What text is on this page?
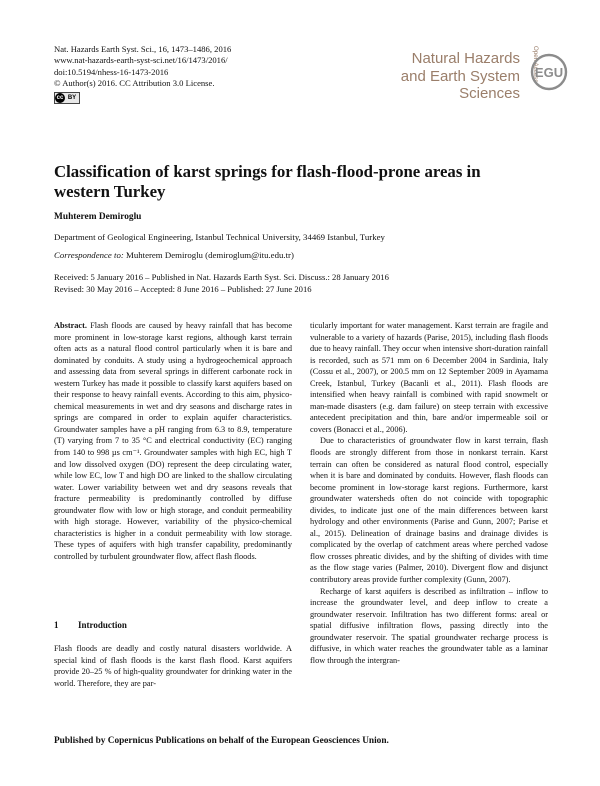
Nat. Hazards Earth Syst. Sci., 16, 1473–1486, 2016
www.nat-hazards-earth-syst-sci.net/16/1473/2016/
doi:10.5194/nhess-16-1473-2016
© Author(s) 2016. CC Attribution 3.0 License.
cc BY
Natural Hazards
and Earth System
Sciences
Open Access
EGU
Classification of karst springs for flash-flood-prone areas in western Turkey
Muhterem Demiroglu
Department of Geological Engineering, Istanbul Technical University, 34469 Istanbul, Turkey
Correspondence to: Muhterem Demiroglu (demiroglum@itu.edu.tr)
Received: 5 January 2016 – Published in Nat. Hazards Earth Syst. Sci. Discuss.: 28 January 2016
Revised: 30 May 2016 – Accepted: 8 June 2016 – Published: 27 June 2016

Abstract. Flash floods are caused by heavy rainfall that has become more prominent in low-storage karst regions, although karst terrain often acts as a natural flood control particularly when it is bare and dominated by conduits. A study using a hydrogeochemical approach and assessing data from several springs in different carbonate rock in western Turkey has made it possible to classify karst aquifers based on their response to heavy rainfall events. According to this aim, physico-chemical measurements in wet and dry seasons and discharge rates in springs are compared in order to explain aquifer characteristics. Groundwater samples have a pH ranging from 6.3 to 8.9, temperature (T) varying from 7 to 35 °C and electrical conductivity (EC) ranging from 140 to 998 µs cm⁻¹. Groundwater samples with high EC, high T and low dissolved oxygen (DO) represent the deep circulating water, while low EC, low T and high DO are linked to the shallow circulating water. Lower variability between wet and dry seasons reveals that fracture permeability is predominantly controlled by diffuse groundwater flow with low or high storage, and conduit permeability with high storage. However, variability of the physico-chemical characteristics is higher in a conduit permeability with low storage. These types of aquifers with high transfer capability, predominantly controlled by turbulent groundwater flow, affect flash floods.

1 Introduction

Flash floods are deadly and costly natural disasters worldwide. A special kind of flash floods is the karst flash flood. Karst aquifers provide 20–25 % of high-quality groundwater for drinking water in the world. Therefore, they are par-

ticularly important for water management. Karst terrain are fragile and vulnerable to a variety of hazards (Parise, 2015), including flash floods due to heavy rainfall. They occur when intensive short-duration rainfall is recorded, such as 571 mm on 6 December 2004 in Sardinia, Italy (Cossu et al., 2007), or 200.5 mm on 12 September 2009 in Ayamama Creek, Istanbul, Turkey (Bacanli et al., 2011). Flash floods are intensified when heavy rainfall is combined with rapid snowmelt or man-made disasters (e.g. dam failure) on steep terrain with excessive antecedent precipitation and thin, bare and/or impermeable soil or covers (Bonacci et al., 2006).

Due to characteristics of groundwater flow in karst terrain, flash floods are strongly different from those in nonkarst terrain. Karst terrain can often be considered as natural flood control, especially when it is bare and dominated by conduits. However, flash floods can become prominent in low-storage karst regions. Furthermore, karst groundwater watersheds often do not coincide with topographic divides, to indicate just one of the main differences between karst hydrology and other environments (Parise and Gunn, 2007; Parise et al., 2015). Delineation of drainage basins and drainage divides is complicated by the overlap of catchment areas where perched vadose flow crosses phreatic divides, and by the shifting of divides with time as the flow stage varies (Palmer, 2010). Divergent flow and disjunct contributory areas provide further complexity (Gunn, 2007).

Recharge of karst aquifers is described as infiltration – inflow to increase the groundwater level, and deep inflow to create a groundwater reservoir. Infiltration has two different forms: areal or spatial diffusive infiltration flows, passing directly into the groundwater reservoir. The spatial groundwater recharge process is diffusive, in which water reaches the groundwater table as a laminar flow through the intergran-

Published by Copernicus Publications on behalf of the European Geosciences Union.
